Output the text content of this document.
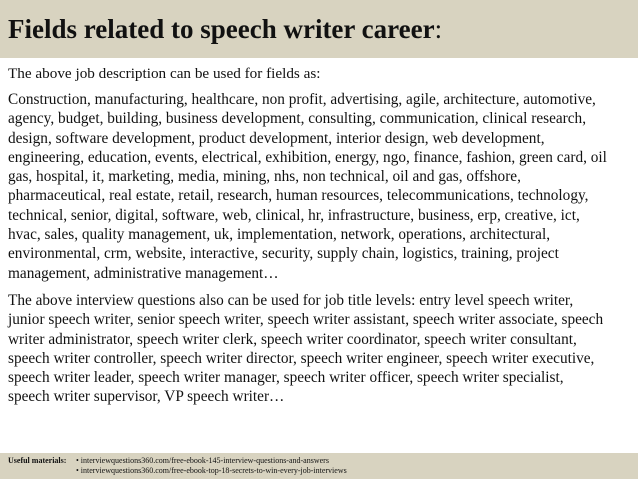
Fields related to speech writer career:

The above job description can be used for fields as:

Construction, manufacturing, healthcare, non profit, advertising, agile, architecture, automotive,
agency, budget, building, business development, consulting, communication, clinical research,
design, software development, product development, interior design, web development,
engineering, education, events, electrical, exhibition, energy, ngo, finance, fashion, green card, oil
gas, hospital, it, marketing, media, mining, nhs, non technical, oil and gas, offshore,
pharmaceutical, real estate, retail, research, human resources, telecommunications, technology,
technical, senior, digital, software, web, clinical, hr, infrastructure, business, erp, creative, ict,
hvac, sales, quality management, uk, implementation, network, operations, architectural,
environmental, crm, website, interactive, security, supply chain, logistics, training, project
management, administrative management…

The above interview questions also can be used for job title levels: entry level speech writer,
junior speech writer, senior speech writer, speech writer assistant, speech writer associate, speech
writer administrator, speech writer clerk, speech writer coordinator, speech writer consultant,
speech writer controller, speech writer director, speech writer engineer, speech writer executive,
speech writer leader, speech writer manager, speech writer officer, speech writer specialist,
speech writer supervisor, VP speech writer…

Useful materials:	• interviewquestions360.com/free-ebook-145-interview-questions-and-answers
• interviewquestions360.com/free-ebook-top-18-secrets-to-win-every-job-interviews
